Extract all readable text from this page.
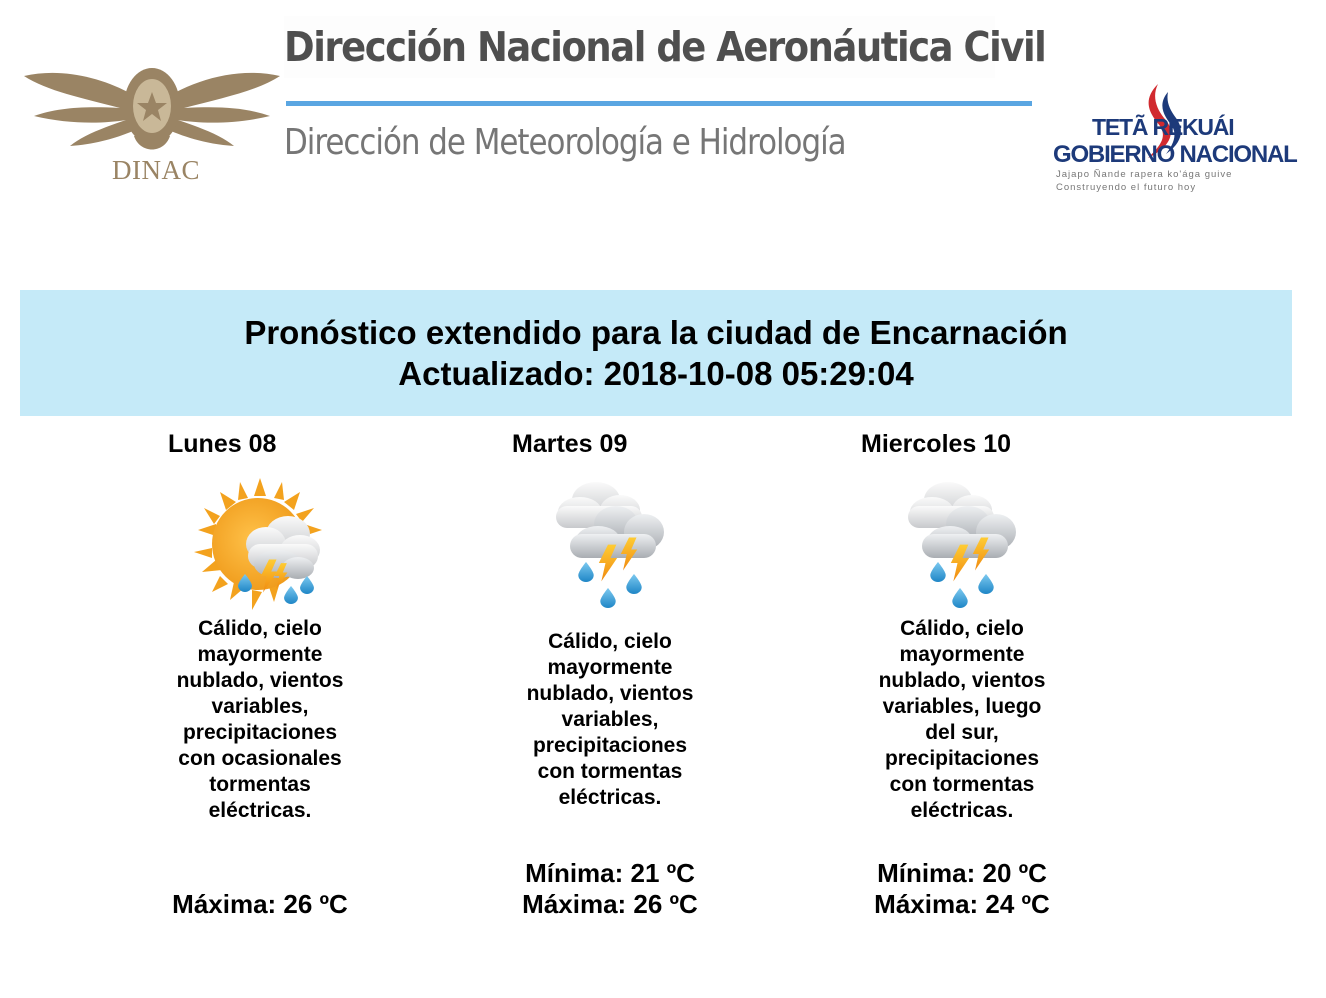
DINAC
Dirección Nacional de Aeronáutica Civil
Dirección de Meteorología e Hidrología	TETÃ REKUÁI
GOBIERNO NACIONAL
Jajapo Ñande rapera ko'ága guive
Construyendo el futuro hoy
Pronóstico extendido para la ciudad de Encarnación
Actualizado: 2018-10-08 05:29:04
Lunes 08
Cálido, cielo mayormente nublado, vientos variables, precipitaciones con ocasionales tormentas eléctricas.
Máxima: 26 ºC
Martes 09
Cálido, cielo mayormente nublado, vientos variables, precipitaciones con tormentas eléctricas.
Mínima: 21 ºC
Máxima: 26 ºC
Miercoles 10
Cálido, cielo mayormente nublado, vientos variables, luego del sur, precipitaciones con tormentas eléctricas.
Mínima: 20 ºC
Máxima: 24 ºC
